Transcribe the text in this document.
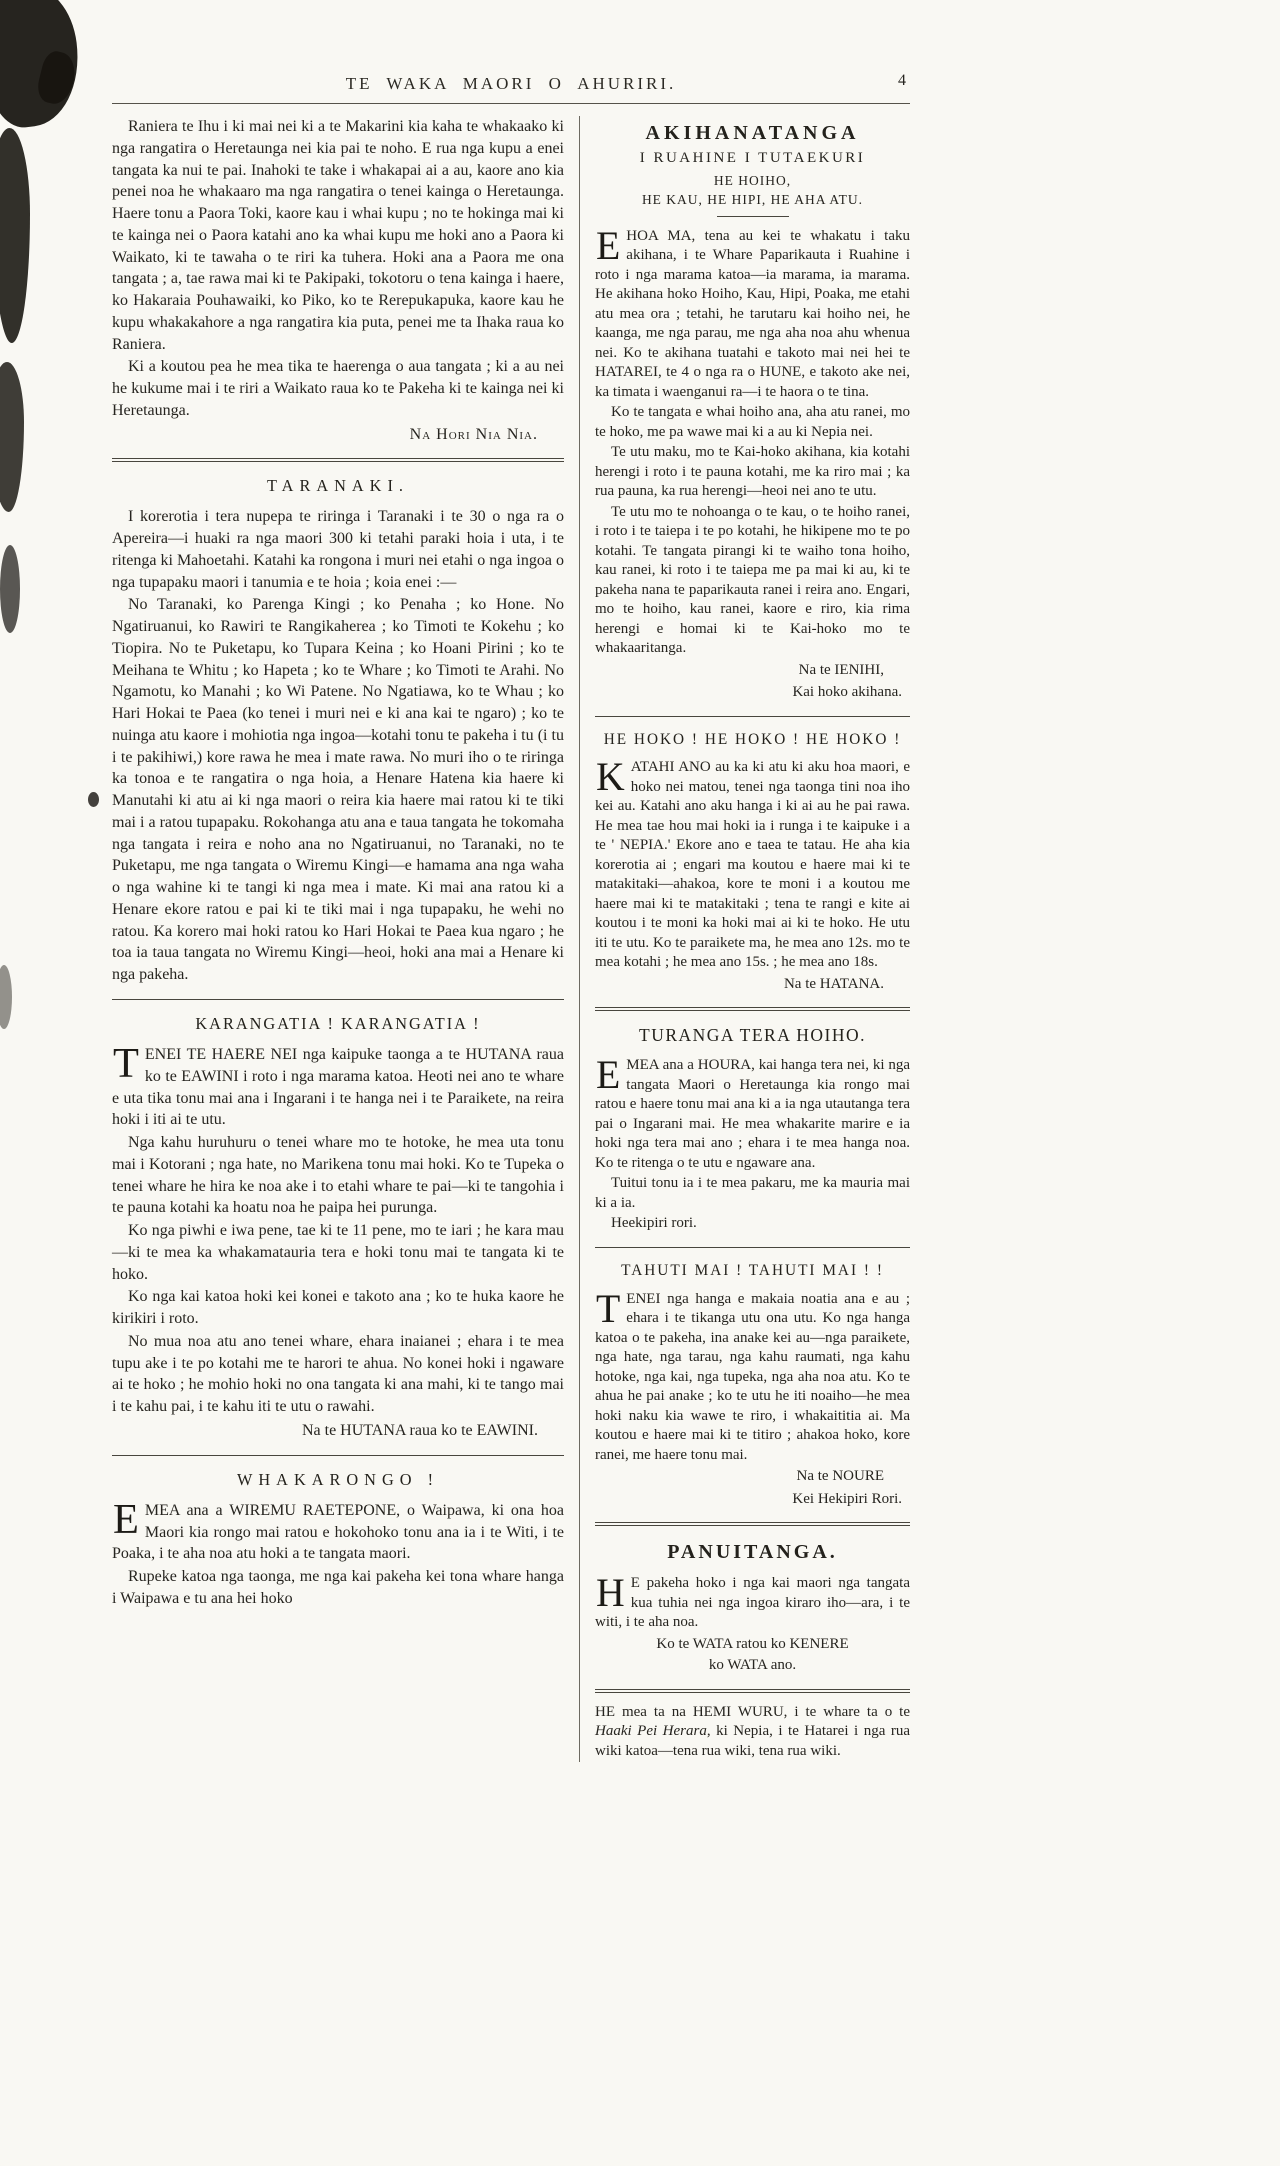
TE WAKA MAORI O AHURIRI.	4

Raniera te Ihu i ki mai nei ki a te Makarini kia kaha te whakaako ki nga rangatira o Heretaunga nei kia pai te noho. E rua nga kupu a enei tangata ka nui te pai. Inahoki te take i whakapai ai a au, kaore ano kia penei noa he whakaaro ma nga rangatira o tenei kainga o Heretaunga. Haere tonu a Paora Toki, kaore kau i whai kupu ; no te hokinga mai ki te kainga nei o Paora katahi ano ka whai kupu me hoki ano a Paora ki Waikato, ki te tawaha o te riri ka tuhera. Hoki ana a Paora me ona tangata ; a, tae rawa mai ki te Pakipaki, tokotoru o tena kainga i haere, ko Hakaraia Pouhawaiki, ko Piko, ko te Rerepukapuka, kaore kau he kupu whakakahore a nga rangatira kia puta, penei me ta Ihaka raua ko Raniera.

Ki a koutou pea he mea tika te haerenga o aua tangata ; ki a au nei he kukume mai i te riri a Waikato raua ko te Pakeha ki te kainga nei ki Heretaunga.

Na Hori Nia Nia.

TARANAKI.

I korerotia i tera nupepa te riringa i Taranaki i te 30 o nga ra o Apereira—i huaki ra nga maori 300 ki tetahi paraki hoia i uta, i te ritenga ki Mahoetahi. Katahi ka rongona i muri nei etahi o nga ingoa o nga tupapaku maori i tanumia e te hoia ; koia enei :—

No Taranaki, ko Parenga Kingi ; ko Penaha ; ko Hone. No Ngatiruanui, ko Rawiri te Rangikaherea ; ko Timoti te Kokehu ; ko Tiopira. No te Puketapu, ko Tupara Keina ; ko Hoani Pirini ; ko te Meihana te Whitu ; ko Hapeta ; ko te Whare ; ko Timoti te Arahi. No Ngamotu, ko Manahi ; ko Wi Patene. No Ngatiawa, ko te Whau ; ko Hari Hokai te Paea (ko tenei i muri nei e ki ana kai te ngaro) ; ko te nuinga atu kaore i mohiotia nga ingoa—kotahi tonu te pakeha i tu (i tu i te pakihiwi,) kore rawa he mea i mate rawa. No muri iho o te riringa ka tonoa e te rangatira o nga hoia, a Henare Hatena kia haere ki Manutahi ki atu ai ki nga maori o reira kia haere mai ratou ki te tiki mai i a ratou tupapaku. Rokohanga atu ana e taua tangata he tokomaha nga tangata i reira e noho ana no Ngatiruanui, no Taranaki, no te Puketapu, me nga tangata o Wiremu Kingi—e hamama ana nga waha o nga wahine ki te tangi ki nga mea i mate. Ki mai ana ratou ki a Henare ekore ratou e pai ki te tiki mai i nga tupapaku, he wehi no ratou. Ka korero mai hoki ratou ko Hari Hokai te Paea kua ngaro ; he toa ia taua tangata no Wiremu Kingi—heoi, hoki ana mai a Henare ki nga pakeha.

KARANGATIA ! KARANGATIA !

TENEI TE HAERE NEI nga kaipuke taonga a te HUTANA raua ko te EAWINI i roto i nga marama katoa. Heoti nei ano te whare e uta tika tonu mai ana i Ingarani i te hanga nei i te Paraikete, na reira hoki i iti ai te utu.

Nga kahu huruhuru o tenei whare mo te hotoke, he mea uta tonu mai i Kotorani ; nga hate, no Marikena tonu mai hoki. Ko te Tupeka o tenei whare he hira ke noa ake i to etahi whare te pai—ki te tangohia i te pauna kotahi ka hoatu noa he paipa hei purunga.

Ko nga piwhi e iwa pene, tae ki te 11 pene, mo te iari ; he kara mau—ki te mea ka whakamatauria tera e hoki tonu mai te tangata ki te hoko.

Ko nga kai katoa hoki kei konei e takoto ana ; ko te huka kaore he kirikiri i roto.

No mua noa atu ano tenei whare, ehara inaianei ; ehara i te mea tupu ake i te po kotahi me te harori te ahua. No konei hoki i ngaware ai te hoko ; he mohio hoki no ona tangata ki ana mahi, ki te tango mai i te kahu pai, i te kahu iti te utu o rawahi.

Na te HUTANA raua ko te EAWINI.

WHAKARONGO !

EMEA ana a WIREMU RAETEPONE, o Waipawa, ki ona hoa Maori kia rongo mai ratou e hokohoko tonu ana ia i te Witi, i te Poaka, i te aha noa atu hoki a te tangata maori.

Rupeke katoa nga taonga, me nga kai pakeha kei tona whare hanga i Waipawa e tu ana hei hoko

AKIHANATANGA
I RUAHINE I TUTAEKURI
HE HOIHO,
HE KAU, HE HIPI, HE AHA ATU.

EHOA MA, tena au kei te whakatu i taku akihana, i te Whare Paparikauta i Ruahine i roto i nga marama katoa—ia marama, ia marama. He akihana hoko Hoiho, Kau, Hipi, Poaka, me etahi atu mea ora ; tetahi, he tarutaru kai hoiho nei, he kaanga, me nga parau, me nga aha noa ahu whenua nei. Ko te akihana tuatahi e takoto mai nei hei te HATAREI, te 4 o nga ra o HUNE, e takoto ake nei, ka timata i waenganui ra—i te haora o te tina.

Ko te tangata e whai hoiho ana, aha atu ranei, mo te hoko, me pa wawe mai ki a au ki Nepia nei.

Te utu maku, mo te Kai-hoko akihana, kia kotahi herengi i roto i te pauna kotahi, me ka riro mai ; ka rua pauna, ka rua herengi—heoi nei ano te utu.

Te utu mo te nohoanga o te kau, o te hoiho ranei, i roto i te taiepa i te po kotahi, he hikipene mo te po kotahi. Te tangata pirangi ki te waiho tona hoiho, kau ranei, ki roto i te taiepa me pa mai ki au, ki te pakeha nana te paparikauta ranei i reira ano. Engari, mo te hoiho, kau ranei, kaore e riro, kia rima herengi e homai ki te Kai-hoko mo te whakaaritanga.

Na te IENIHI,

Kai hoko akihana.

HE HOKO ! HE HOKO ! HE HOKO !

KATAHI ANO au ka ki atu ki aku hoa maori, e hoko nei matou, tenei nga taonga tini noa iho kei au. Katahi ano aku hanga i ki ai au he pai rawa. He mea tae hou mai hoki ia i runga i te kaipuke i a te ' NEPIA.' Ekore ano e taea te tatau. He aha kia korerotia ai ; engari ma koutou e haere mai ki te matakitaki—ahakoa, kore te moni i a koutou me haere mai ki te matakitaki ; tena te rangi e kite ai koutou i te moni ka hoki mai ai ki te hoko. He utu iti te utu. Ko te paraikete ma, he mea ano 12s. mo te mea kotahi ; he mea ano 15s. ; he mea ano 18s.

Na te HATANA.

TURANGA TERA HOIHO.

EMEA ana a HOURA, kai hanga tera nei, ki nga tangata Maori o Heretaunga kia rongo mai ratou e haere tonu mai ana ki a ia nga utautanga tera pai o Ingarani mai. He mea whakarite marire e ia hoki nga tera mai ano ; ehara i te mea hanga noa. Ko te ritenga o te utu e ngaware ana.

Tuitui tonu ia i te mea pakaru, me ka mauria mai ki a ia.

Heekipiri rori.

TAHUTI MAI ! TAHUTI MAI ! !

TENEI nga hanga e makaia noatia ana e au ; ehara i te tikanga utu ona utu. Ko nga hanga katoa o te pakeha, ina anake kei au—nga paraikete, nga hate, nga tarau, nga kahu raumati, nga kahu hotoke, nga kai, nga tupeka, nga aha noa atu. Ko te ahua he pai anake ; ko te utu he iti noaiho—he mea hoki naku kia wawe te riro, i whakaititia ai. Ma koutou e haere mai ki te titiro ; ahakoa hoko, kore ranei, me haere tonu mai.

Na te NOURE

Kei Hekipiri Rori.

PANUITANGA.

HE pakeha hoko i nga kai maori nga tangata kua tuhia nei nga ingoa kiraro iho—ara, i te witi, i te aha noa.

Ko te WATA ratou ko KENERE

ko WATA ano.

HE mea ta na HEMI WURU, i te whare ta o te Haaki Pei Herara, ki Nepia, i te Hatarei i nga rua wiki katoa—tena rua wiki, tena rua wiki.
